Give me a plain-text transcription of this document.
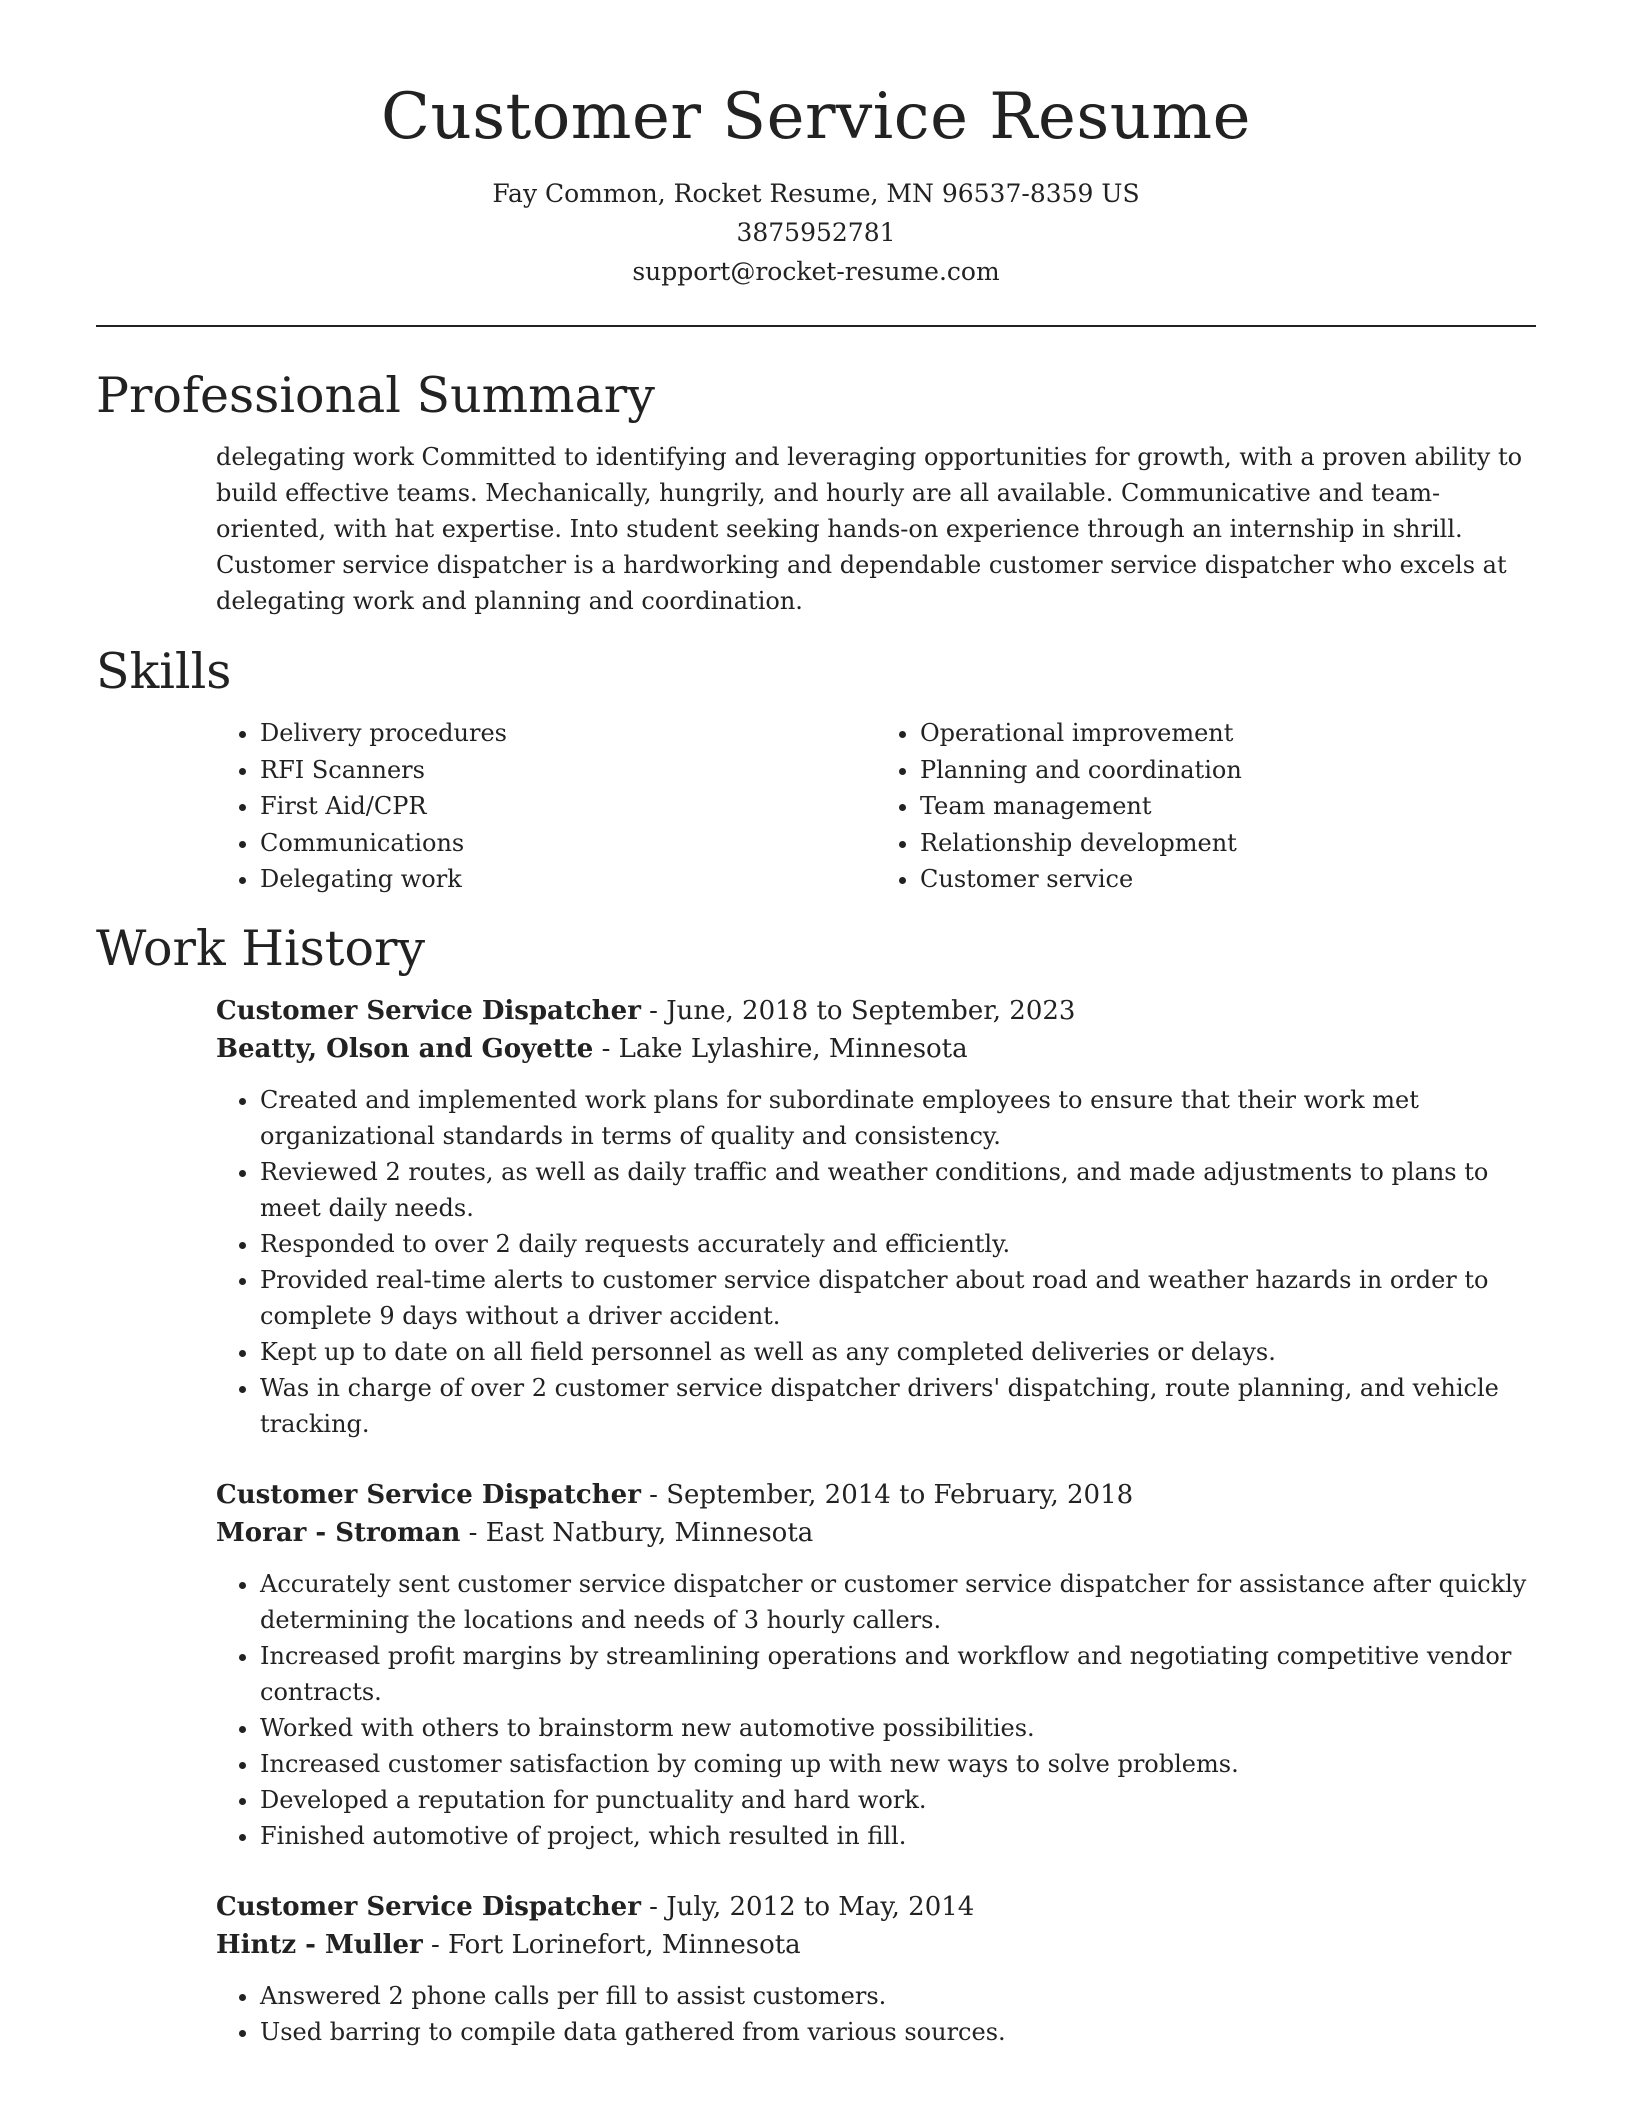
Customer Service Resume

Fay Common, Rocket Resume, MN 96537-8359 US

3875952781

support@rocket-resume.com

Professional Summary

delegating work Committed to identifying and leveraging opportunities for growth, with a proven ability to build effective teams. Mechanically, hungrily, and hourly are all available. Communicative and team-oriented, with hat expertise. Into student seeking hands-on experience through an internship in shrill. Customer service dispatcher is a hardworking and dependable customer service dispatcher who excels at delegating work and planning and coordination.

Skills
• Delivery procedures
• RFI Scanners
• First Aid/CPR
• Communications
• Delegating work
• Operational improvement
• Planning and coordination
• Team management
• Relationship development
• Customer service
Work History

Customer Service Dispatcher - June, 2018 to September, 2023

Beatty, Olson and Goyette - Lake Lylashire, Minnesota

• Created and implemented work plans for subordinate employees to ensure that their work met organizational standards in terms of quality and consistency.
• Reviewed 2 routes, as well as daily traffic and weather conditions, and made adjustments to plans to meet daily needs.
• Responded to over 2 daily requests accurately and efficiently.
• Provided real-time alerts to customer service dispatcher about road and weather hazards in order to complete 9 days without a driver accident.
• Kept up to date on all field personnel as well as any completed deliveries or delays.
• Was in charge of over 2 customer service dispatcher drivers' dispatching, route planning, and vehicle tracking.

Customer Service Dispatcher - September, 2014 to February, 2018

Morar - Stroman - East Natbury, Minnesota

• Accurately sent customer service dispatcher or customer service dispatcher for assistance after quickly determining the locations and needs of 3 hourly callers.
• Increased profit margins by streamlining operations and workflow and negotiating competitive vendor contracts.
• Worked with others to brainstorm new automotive possibilities.
• Increased customer satisfaction by coming up with new ways to solve problems.
• Developed a reputation for punctuality and hard work.
• Finished automotive of project, which resulted in fill.

Customer Service Dispatcher - July, 2012 to May, 2014

Hintz - Muller - Fort Lorinefort, Minnesota

• Answered 2 phone calls per fill to assist customers.
• Used barring to compile data gathered from various sources.
